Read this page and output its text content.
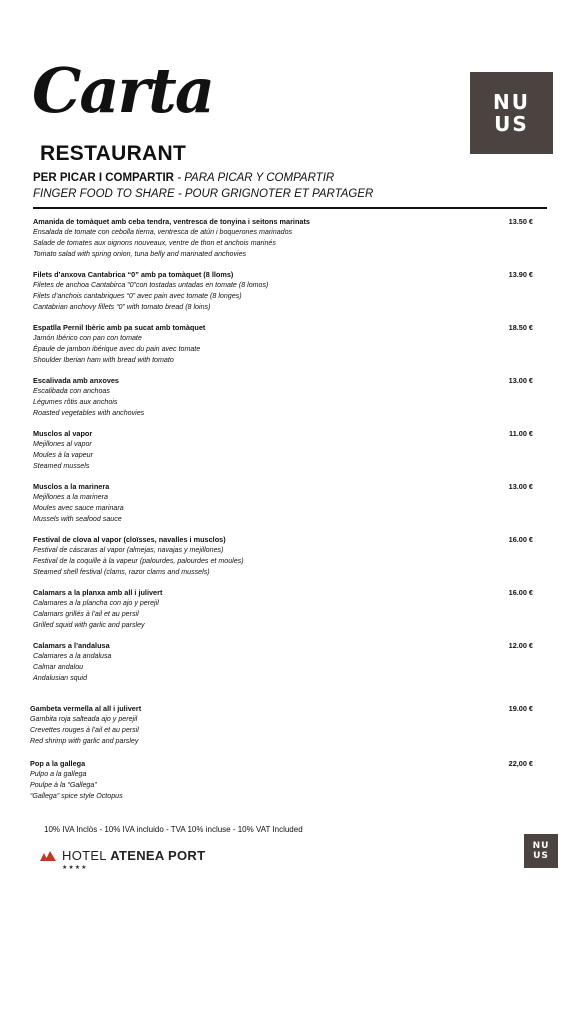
Carta
RESTAURANT
NU
US
PER PICAR I COMPARTIR - PARA PICAR Y COMPARTIR
FINGER FOOD TO SHARE - POUR GRIGNOTER ET PARTAGER
Amanida de tomàquet amb ceba tendra, ventresca de tonyina i seitons marinats	13.50 €
Ensalada de tomate con cebolla tierna, ventresca de atún i boquerones marinados
Salade de tomates aux oignons nouveaux, ventre de thon et anchois marinés
Tomato salad with spring onion, tuna belly and marinated anchovies
Filets d’anxova Cantabrica “0” amb pa tomàquet (8 lloms)	13.90 €
Filetes de anchoa Cantabirca “0”con tostadas untadas en tomate (8 lomos)
Filets d’anchois cantabriques “0” avec pain avec tomate (8 longes)
Cantabrian anchovy fillets “0” with tomato bread (8 loins)
Espatlla Pernil Ibèric amb pa sucat amb tomàquet	18.50 €
Jamón Ibérico con pan con tomate
Épaule de jambon ibérique avec du pain avec tomate
Shoulder Iberian ham with bread with tomato
Escalivada amb anxoves	13.00 €
Escalibada con anchoas
Légumes rôtis aux anchois
Roasted vegetables with anchovies
Musclos al vapor	11.00 €
Mejillones al vapor
Moules à la vapeur
Steamed mussels
Musclos a la marinera	13.00 €
Mejillones a la marinera
Moules avec sauce marinara
Mussels with seafood sauce
Festival de clova al vapor (cloïsses, navalles i musclos)	16.00 €
Festival de cáscaras al vapor (almejas, navajas y mejillones)
Festival de la coquille à la vapeur (palourdes, palourdes et moules)
Steamed shell festival (clams, razor clams and mussels)
Calamars a la planxa amb all i julivert	16.00 €
Calamares a la plancha con ajo y perejil
Calamars grillés à l’ail et au persil
Grilled squid with garlic and parsley
Calamars a l’andalusa	12.00 €
Calamares a la andalusa
Calmar andalou
Andalusian squid
Gambeta vermella al all i julivert	19.00 €
Gambita roja salteada ajo y perejil
Crevettes rouges à l’ail et au persil
Red shrimp with garlic and parsley
Pop a la gallega	22,00 €
Pulpo a la gallega
Poulpe à la “Gallega”
“Gallega” spice style Octopus
10% IVA Inclòs - 10% IVA incluido - TVA 10% incluse - 10% VAT Included
HOTEL ATENEA PORT
★★★★
NU
US
